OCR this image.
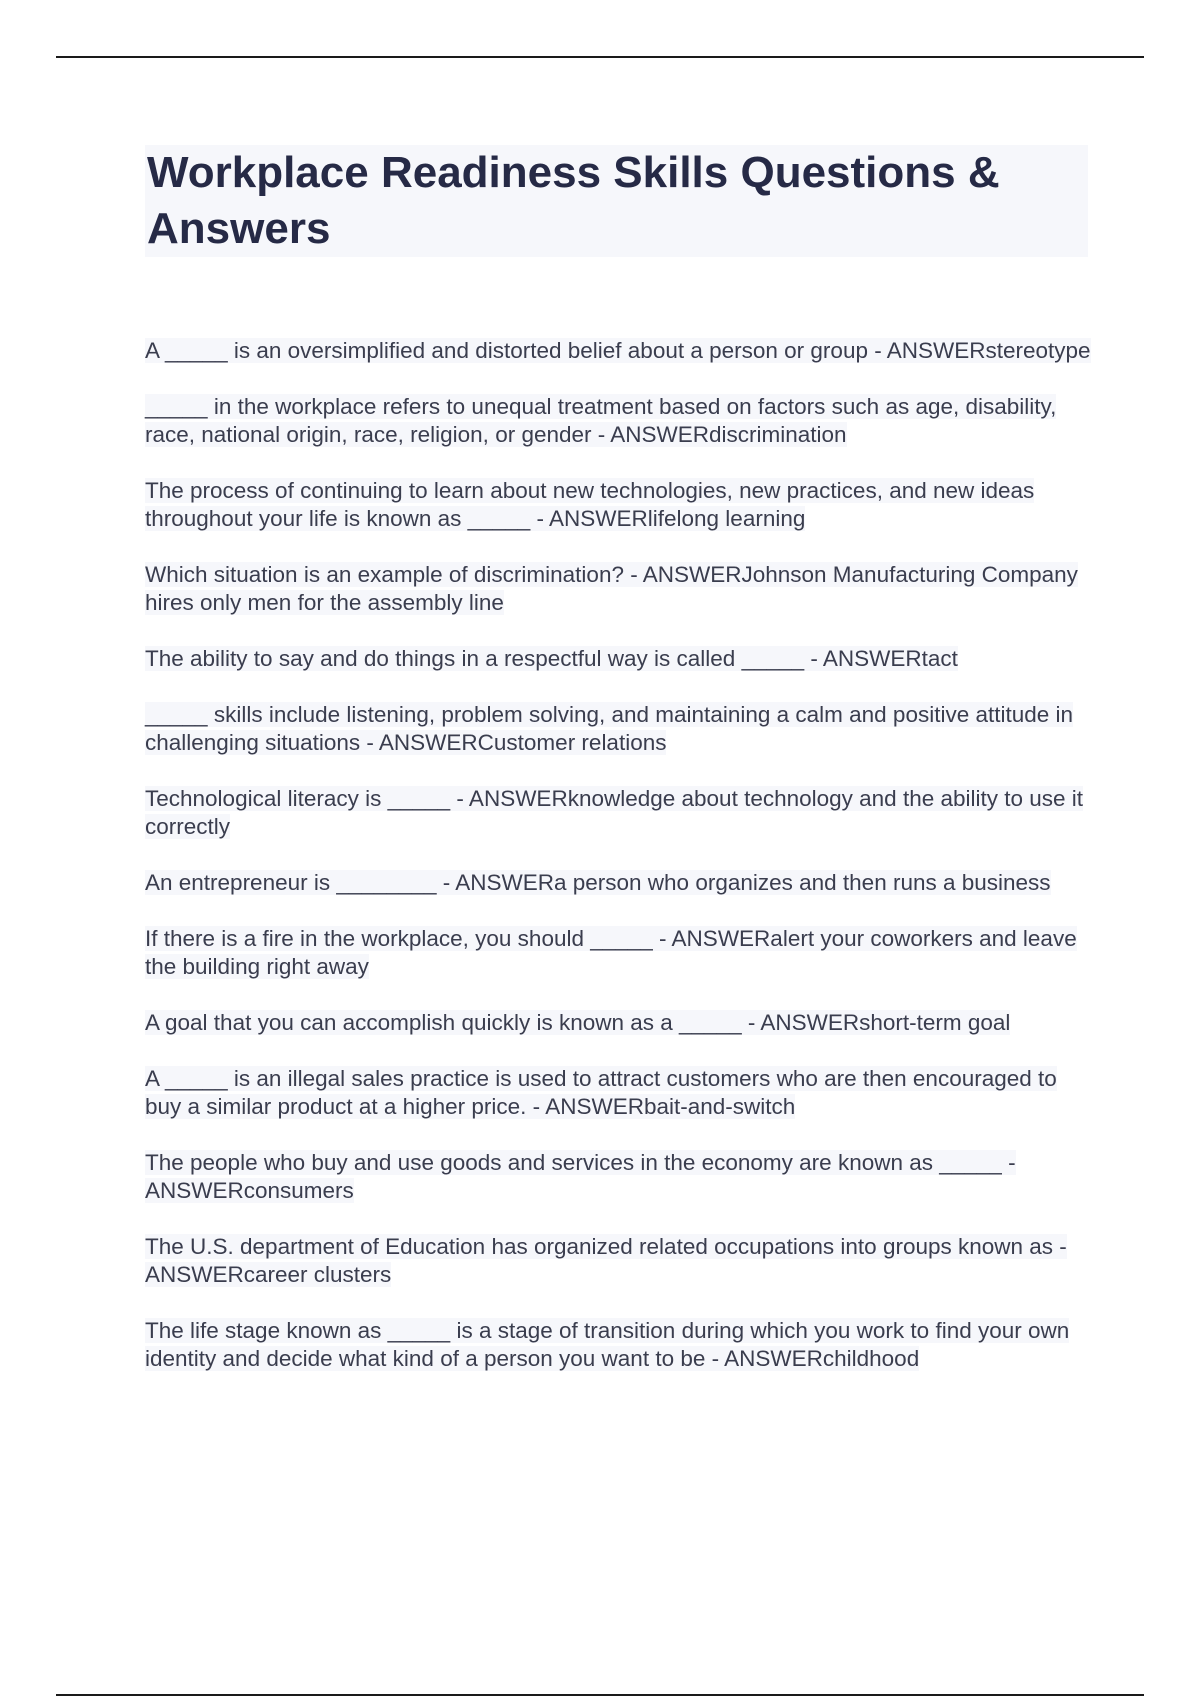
Workplace Readiness Skills Questions & Answers
A _____ is an oversimplified and distorted belief about a person or group - ANSWERstereotype
_____ in the workplace refers to unequal treatment based on factors such as age, disability, race, national origin, race, religion, or gender - ANSWERdiscrimination
The process of continuing to learn about new technologies, new practices, and new ideas throughout your life is known as _____ - ANSWERlifelong learning
Which situation is an example of discrimination? - ANSWERJohnson Manufacturing Company hires only men for the assembly line
The ability to say and do things in a respectful way is called _____ - ANSWERtact
_____ skills include listening, problem solving, and maintaining a calm and positive attitude in challenging situations - ANSWERCustomer relations
Technological literacy is _____ - ANSWERknowledge about technology and the ability to use it correctly
An entrepreneur is ________ - ANSWERa person who organizes and then runs a business
If there is a fire in the workplace, you should _____ - ANSWERalert your coworkers and leave the building right away
A goal that you can accomplish quickly is known as a _____ - ANSWERshort-term goal
A _____ is an illegal sales practice is used to attract customers who are then encouraged to buy a similar product at a higher price. - ANSWERbait-and-switch
The people who buy and use goods and services in the economy are known as _____ - ANSWERconsumers
The U.S. department of Education has organized related occupations into groups known as - ANSWERcareer clusters
The life stage known as _____ is a stage of transition during which you work to find your own identity and decide what kind of a person you want to be - ANSWERchildhood
